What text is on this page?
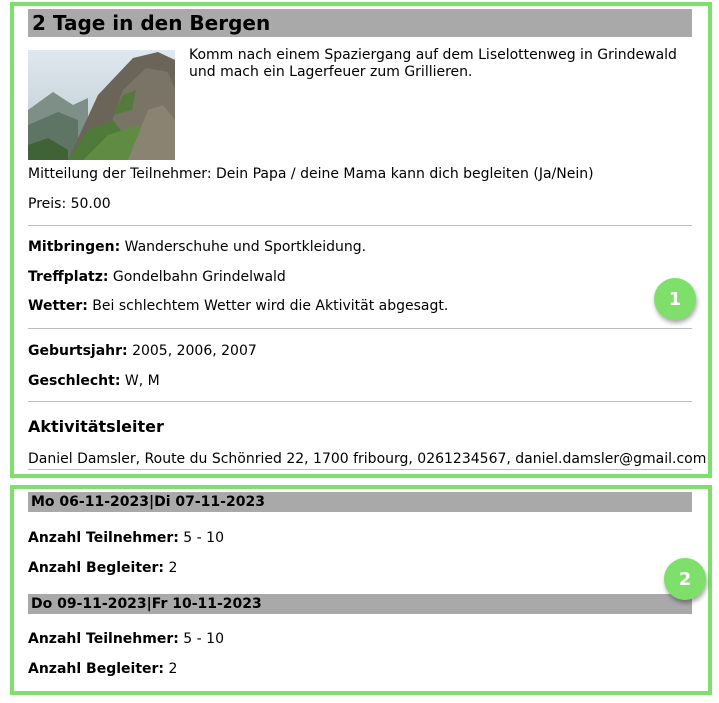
2 Tage in den Bergen
Komm nach einem Spaziergang auf dem Liselottenweg in Grindewald und mach ein Lagerfeuer zum Grillieren.
Mitteilung der Teilnehmer: Dein Papa / deine Mama kann dich begleiten (Ja/Nein)
Preis: 50.00
Mitbringen: Wanderschuhe und Sportkleidung.
Treffplatz: Gondelbahn Grindelwald
Wetter: Bei schlechtem Wetter wird die Aktivität abgesagt.
Geburtsjahr: 2005, 2006, 2007
Geschlecht: W, M
Aktivitätsleiter
Daniel Damsler, Route du Schönried 22, 1700 fribourg, 0261234567, daniel.damsler@gmail.com
Mo 06-11-2023|Di 07-11-2023
Anzahl Teilnehmer: 5 - 10
Anzahl Begleiter: 2
Do 09-11-2023|Fr 10-11-2023
Anzahl Teilnehmer: 5 - 10
Anzahl Begleiter: 2
1
2
